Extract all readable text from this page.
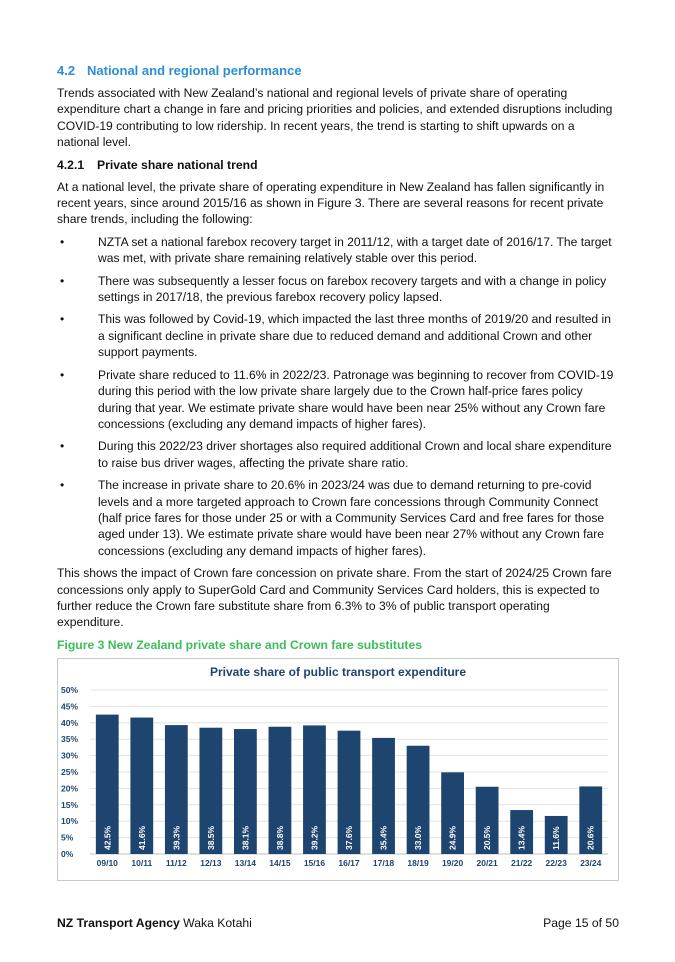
4.2 National and regional performance

Trends associated with New Zealand’s national and regional levels of private share of operating expenditure chart a change in fare and pricing priorities and policies, and extended disruptions including COVID-19 contributing to low ridership. In recent years, the trend is starting to shift upwards on a national level.

4.2.1	Private share national trend

At a national level, the private share of operating expenditure in New Zealand has fallen significantly in recent years, since around 2015/16 as shown in Figure 3. There are several reasons for recent private share trends, including the following:

•	NZTA set a national farebox recovery target in 2011/12, with a target date of 2016/17. The target was met, with private share remaining relatively stable over this period.
•	There was subsequently a lesser focus on farebox recovery targets and with a change in policy settings in 2017/18, the previous farebox recovery policy lapsed.
•	This was followed by Covid-19, which impacted the last three months of 2019/20 and resulted in a significant decline in private share due to reduced demand and additional Crown and other support payments.
•	Private share reduced to 11.6% in 2022/23. Patronage was beginning to recover from COVID-19 during this period with the low private share largely due to the Crown half-price fares policy during that year. We estimate private share would have been near 25% without any Crown fare concessions (excluding any demand impacts of higher fares).
•	During this 2022/23 driver shortages also required additional Crown and local share expenditure to raise bus driver wages, affecting the private share ratio.
•	The increase in private share to 20.6% in 2023/24 was due to demand returning to pre-covid levels and a more targeted approach to Crown fare concessions through Community Connect (half price fares for those under 25 or with a Community Services Card and free fares for those aged under 13). We estimate private share would have been near 27% without any Crown fare concessions (excluding any demand impacts of higher fares).

This shows the impact of Crown fare concession on private share. From the start of 2024/25 Crown fare concessions only apply to SuperGold Card and Community Services Card holders, this is expected to further reduce the Crown fare substitute share from 6.3% to 3% of public transport operating expenditure.

Figure 3 New Zealand private share and Crown fare substitutes
Private share of public transport expenditure
0%
5%
10%
15%
20%
25%
30%
35%
40%
45%
50%
42.5%
09/10
41.6%
10/11
39.3%
11/12
38.5%
12/13
38.1%
13/14
38.8%
14/15
39.2%
15/16
37.6%
16/17
35.4%
17/18
33.0%
18/19
24.9%
19/20
20.5%
20/21
13.4%
21/22
11.6%
22/23
20.6%
23/24
NZ Transport Agency Waka Kotahi	Page 15 of 50
